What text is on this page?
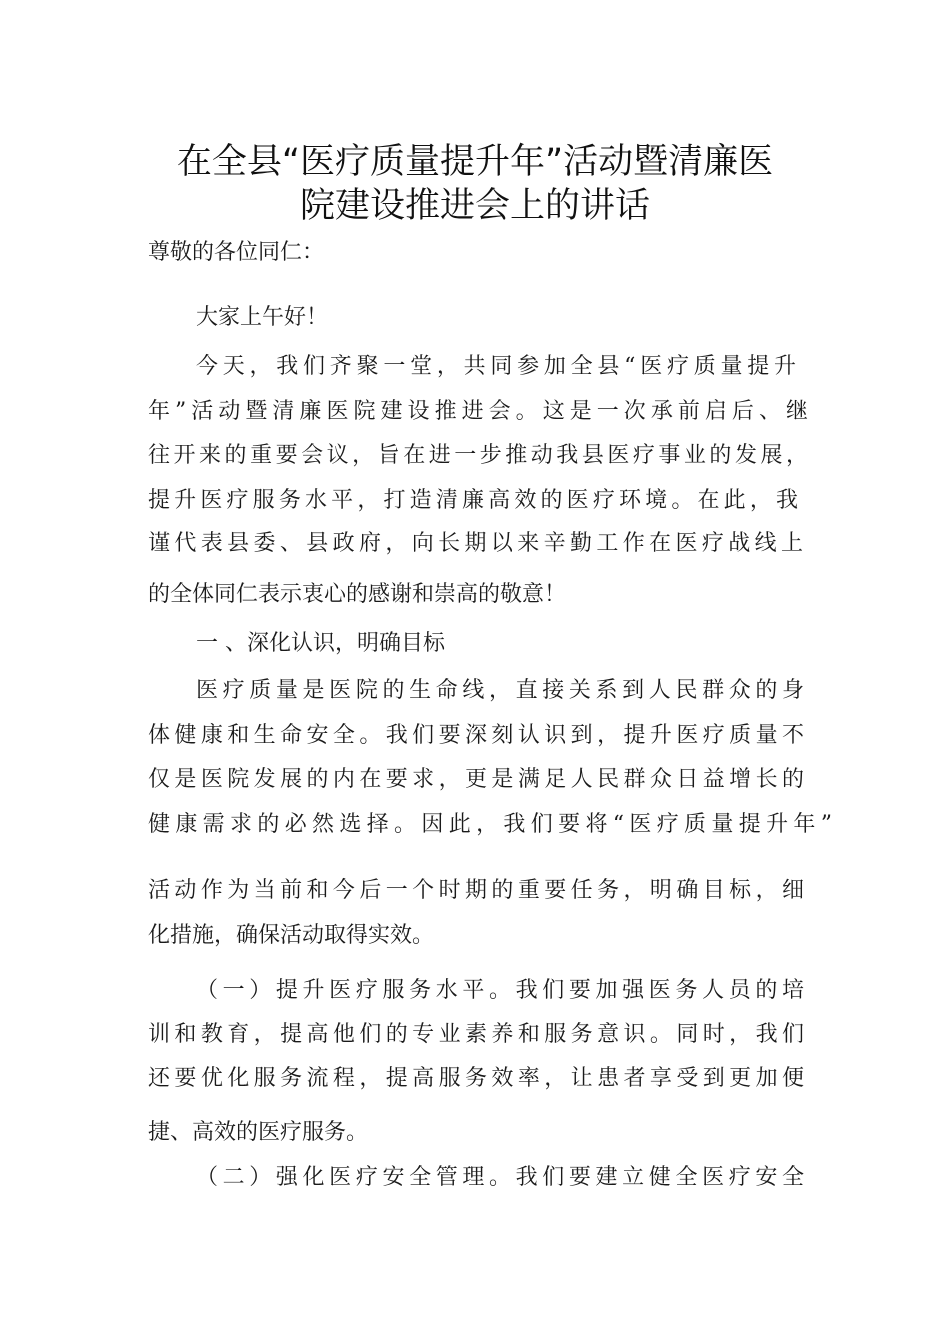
在全县“医疗质量提升年”活动暨清廉医
院建设推进会上的讲话
尊敬的各位同仁：
大家上午好！
今天，我们齐聚一堂，共同参加全县“医疗质量提升
年”活动暨清廉医院建设推进会。这是一次承前启后、继
往开来的重要会议，旨在进一步推动我县医疗事业的发展，
提升医疗服务水平，打造清廉高效的医疗环境。在此，我
谨代表县委、县政府，向长期以来辛勤工作在医疗战线上
的全体同仁表示衷心的感谢和崇高的敬意！
一 、深化认识，明确目标
医疗质量是医院的生命线，直接关系到人民群众的身
体健康和生命安全。我们要深刻认识到，提升医疗质量不
仅是医院发展的内在要求，更是满足人民群众日益增长的
健康需求的必然选择。因此，我们要将“医疗质量提升年”
活动作为当前和今后一个时期的重要任务，明确目标，细
化措施，确保活动取得实效。
（一）提升医疗服务水平。我们要加强医务人员的培
训和教育，提高他们的专业素养和服务意识。同时，我们
还要优化服务流程，提高服务效率，让患者享受到更加便
捷、高效的医疗服务。
（二）强化医疗安全管理。我们要建立健全医疗安全
